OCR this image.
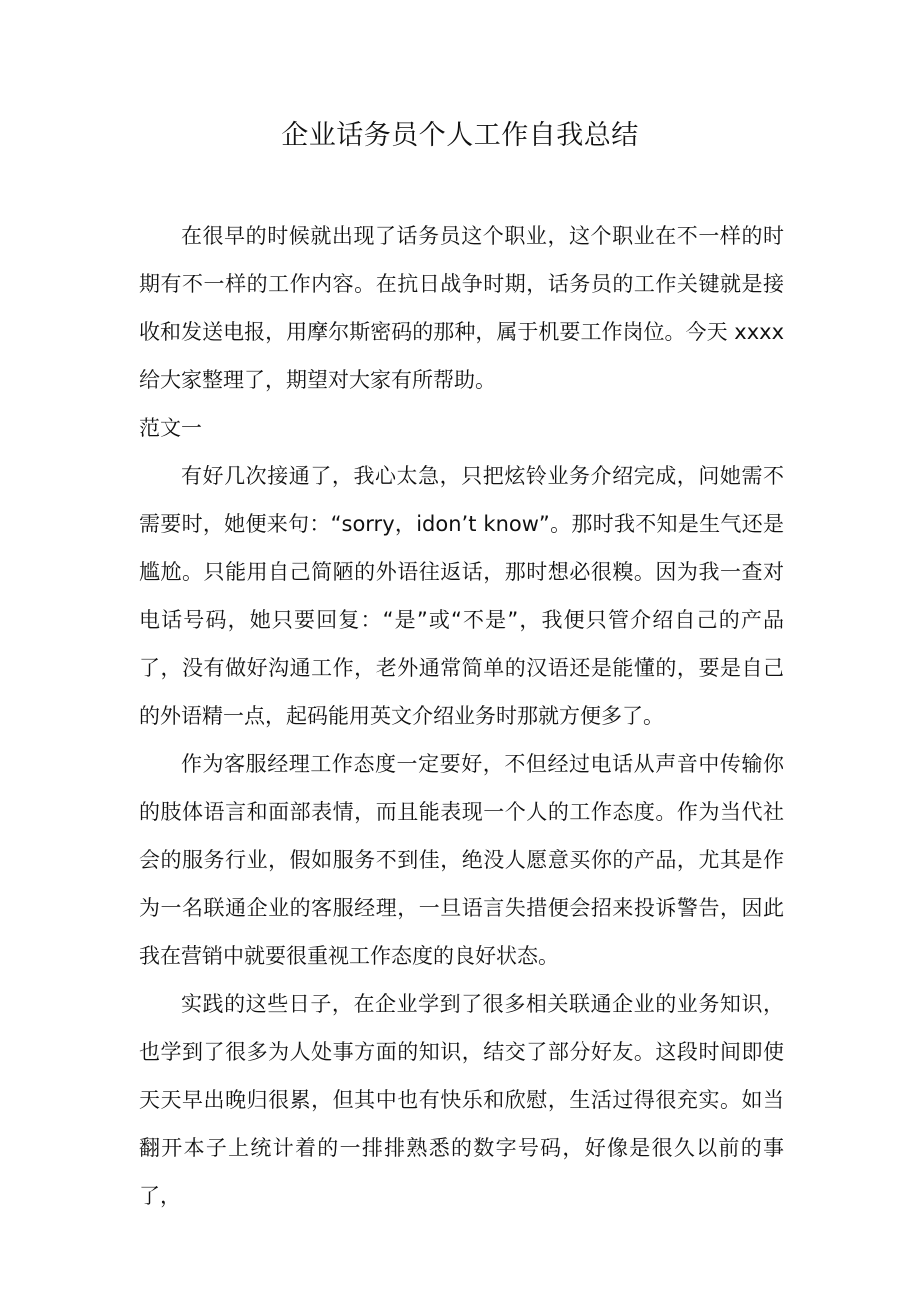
企业话务员个人工作自我总结

在很早的时候就出现了话务员这个职业，这个职业在不一样的时期有不一样的工作内容。在抗日战争时期，话务员的工作关键就是接收和发送电报，用摩尔斯密码的那种，属于机要工作岗位。今天 xxxx 给大家整理了，期望对大家有所帮助。

范文一

有好几次接通了，我心太急，只把炫铃业务介绍完成，问她需不需要时，她便来句：“sorry，idon’t know”。那时我不知是生气还是尴尬。只能用自己简陋的外语往返话，那时想必很糗。因为我一查对电话号码，她只要回复：“是”或“不是”，我便只管介绍自己的产品了，没有做好沟通工作，老外通常简单的汉语还是能懂的，要是自己的外语精一点，起码能用英文介绍业务时那就方便多了。

作为客服经理工作态度一定要好，不但经过电话从声音中传输你的肢体语言和面部表情，而且能表现一个人的工作态度。作为当代社会的服务行业，假如服务不到佳，绝没人愿意买你的产品，尤其是作为一名联通企业的客服经理，一旦语言失措便会招来投诉警告，因此我在营销中就要很重视工作态度的良好状态。

实践的这些日子，在企业学到了很多相关联通企业的业务知识，也学到了很多为人处事方面的知识，结交了部分好友。这段时间即使天天早出晚归很累，但其中也有快乐和欣慰，生活过得很充实。如当翻开本子上统计着的一排排熟悉的数字号码，好像是很久以前的事了，
